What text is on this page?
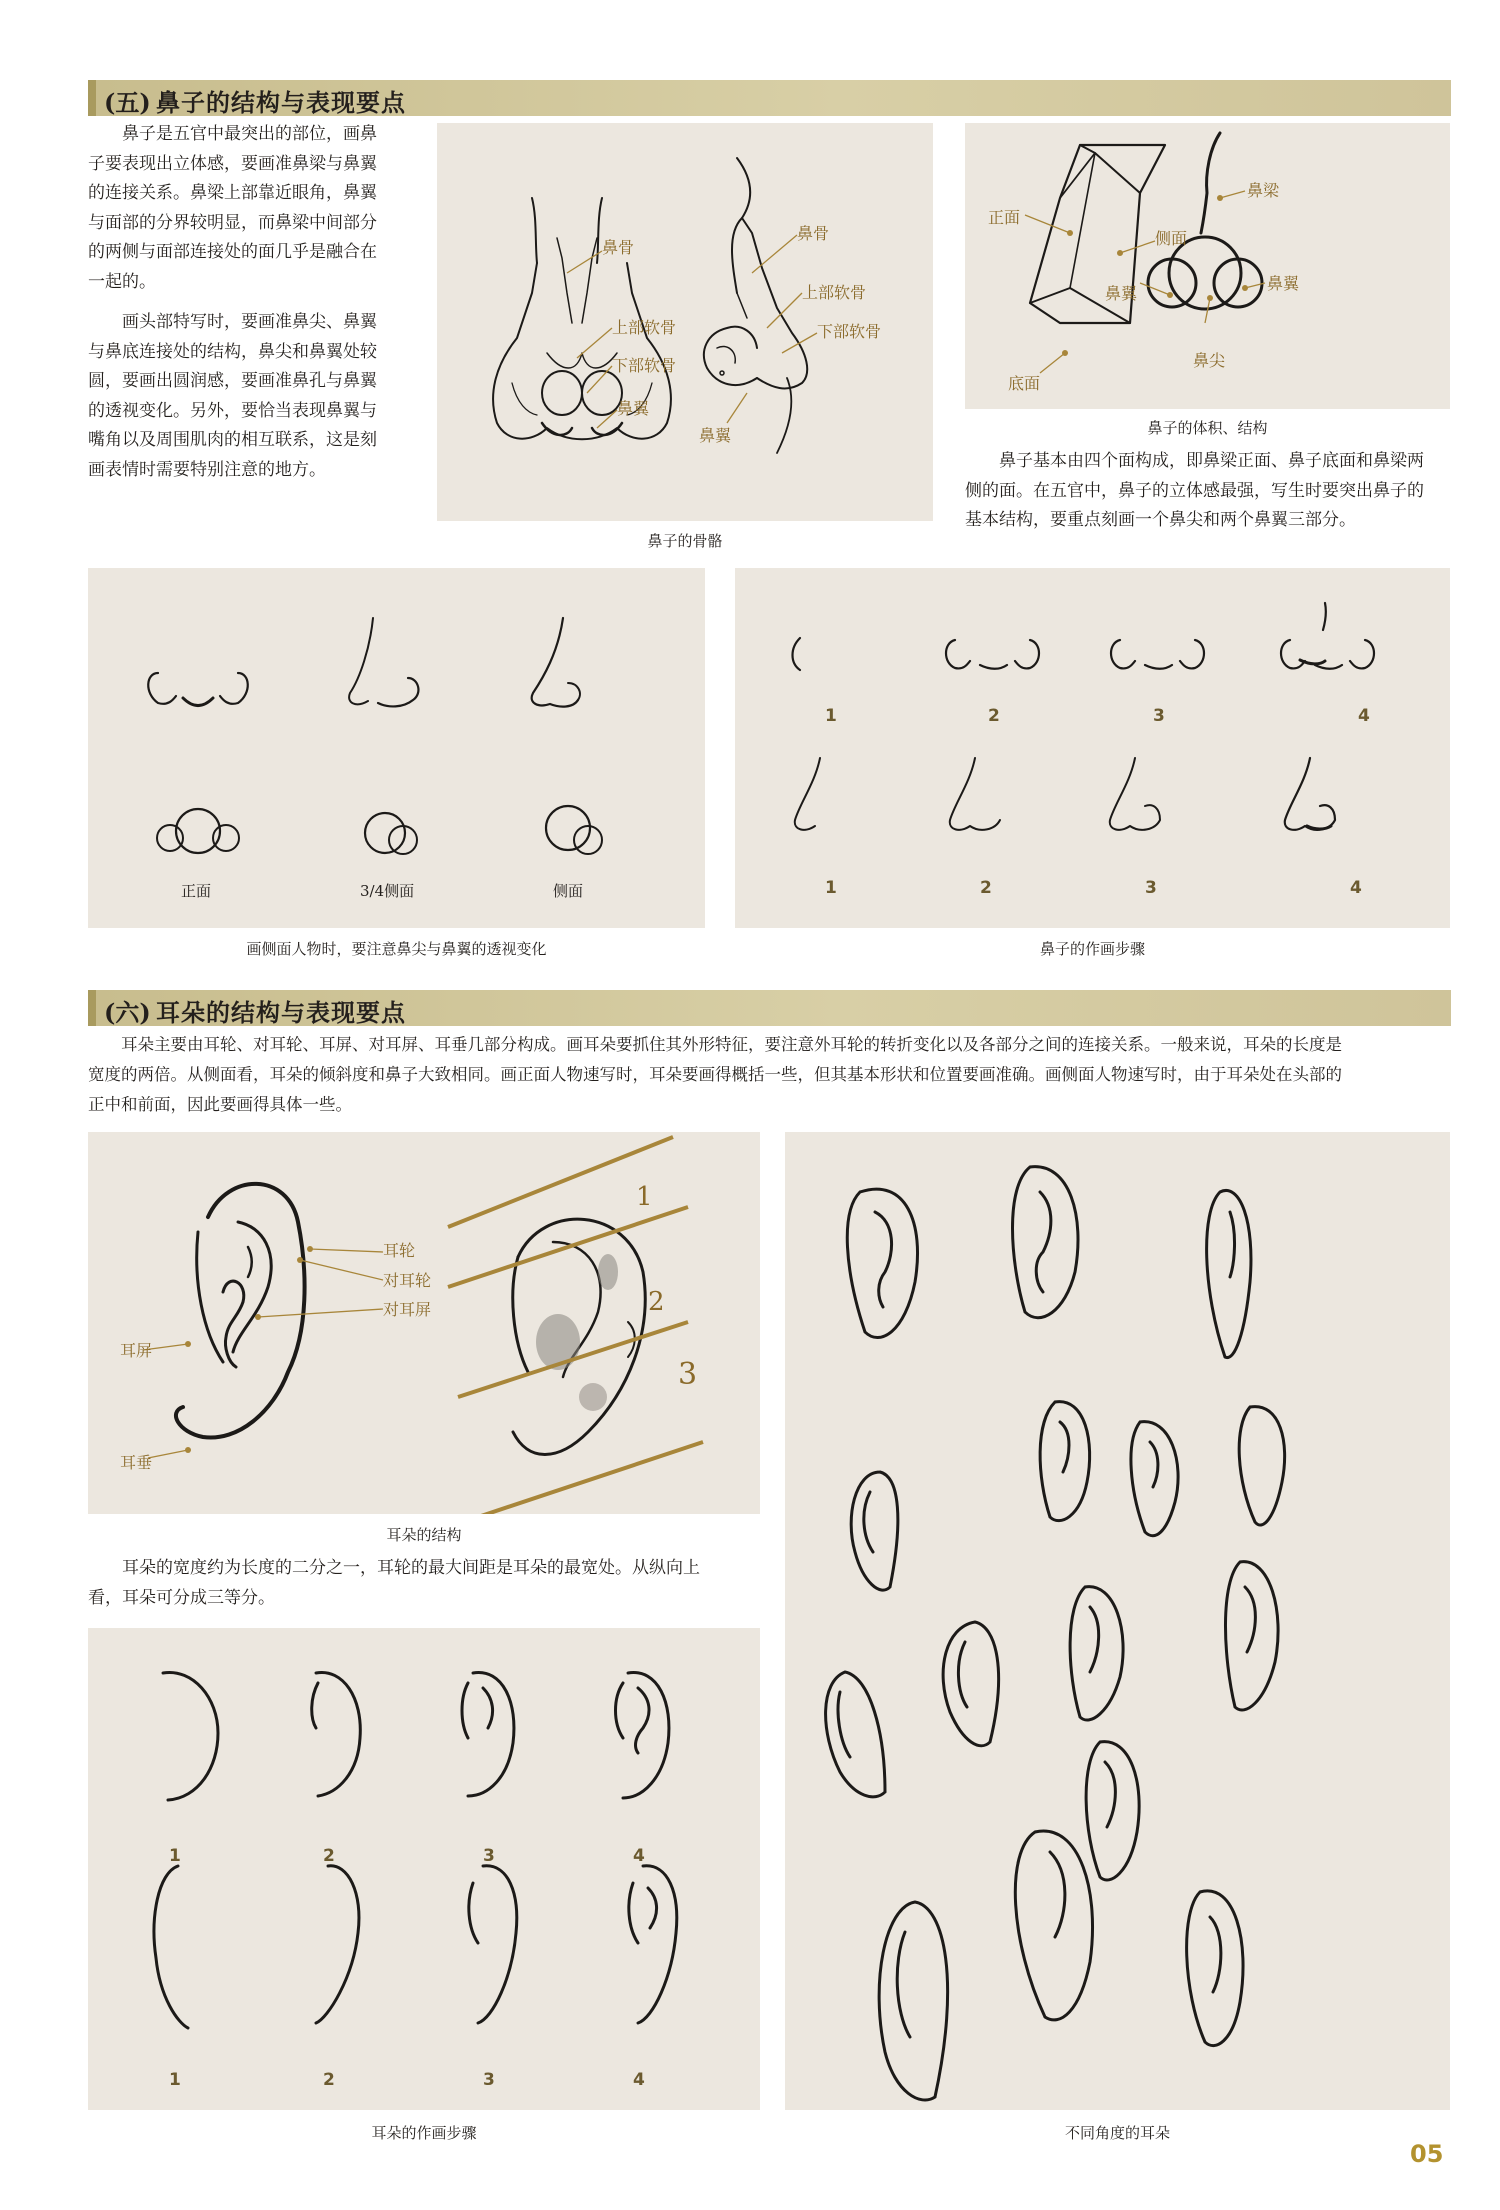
(五) 鼻子的结构与表现要点
鼻子是五官中最突出的部位，画鼻
子要表现出立体感，要画准鼻梁与鼻翼
的连接关系。鼻梁上部靠近眼角，鼻翼
与面部的分界较明显，而鼻梁中间部分
的两侧与面部连接处的面几乎是融合在
一起的。
画头部特写时，要画准鼻尖、鼻翼
与鼻底连接处的结构，鼻尖和鼻翼处较
圆，要画出圆润感，要画准鼻孔与鼻翼
的透视变化。另外，要恰当表现鼻翼与
嘴角以及周围肌肉的相互联系，这是刻
画表情时需要特别注意的地方。
鼻骨
上部软骨
下部软骨
鼻翼
鼻骨
上部软骨
下部软骨
鼻翼
鼻子的骨骼
正面
侧面
底面
鼻梁
鼻翼
鼻翼
鼻尖
鼻子的体积、结构
鼻子基本由四个面构成，即鼻梁正面、鼻子底面和鼻梁两
侧的面。在五官中，鼻子的立体感最强，写生时要突出鼻子的
基本结构，要重点刻画一个鼻尖和两个鼻翼三部分。
正面	3/4侧面	侧面
画侧面人物时，要注意鼻尖与鼻翼的透视变化
1	2	3	4
1	2	3	4
鼻子的作画步骤
(六) 耳朵的结构与表现要点
耳朵主要由耳轮、对耳轮、耳屏、对耳屏、耳垂几部分构成。画耳朵要抓住其外形特征，要注意外耳轮的转折变化以及各部分之间的连接关系。一般来说，耳朵的长度是
宽度的两倍。从侧面看，耳朵的倾斜度和鼻子大致相同。画正面人物速写时，耳朵要画得概括一些，但其基本形状和位置要画准确。画侧面人物速写时，由于耳朵处在头部的
正中和前面，因此要画得具体一些。
耳轮
对耳轮
对耳屏
耳屏
耳垂
1
2
3
耳朵的结构
耳朵的宽度约为长度的二分之一，耳轮的最大间距是耳朵的最宽处。从纵向上
看，耳朵可分成三等分。
1	2	3	4
1	2	3	4
耳朵的作画步骤	不同角度的耳朵
05
